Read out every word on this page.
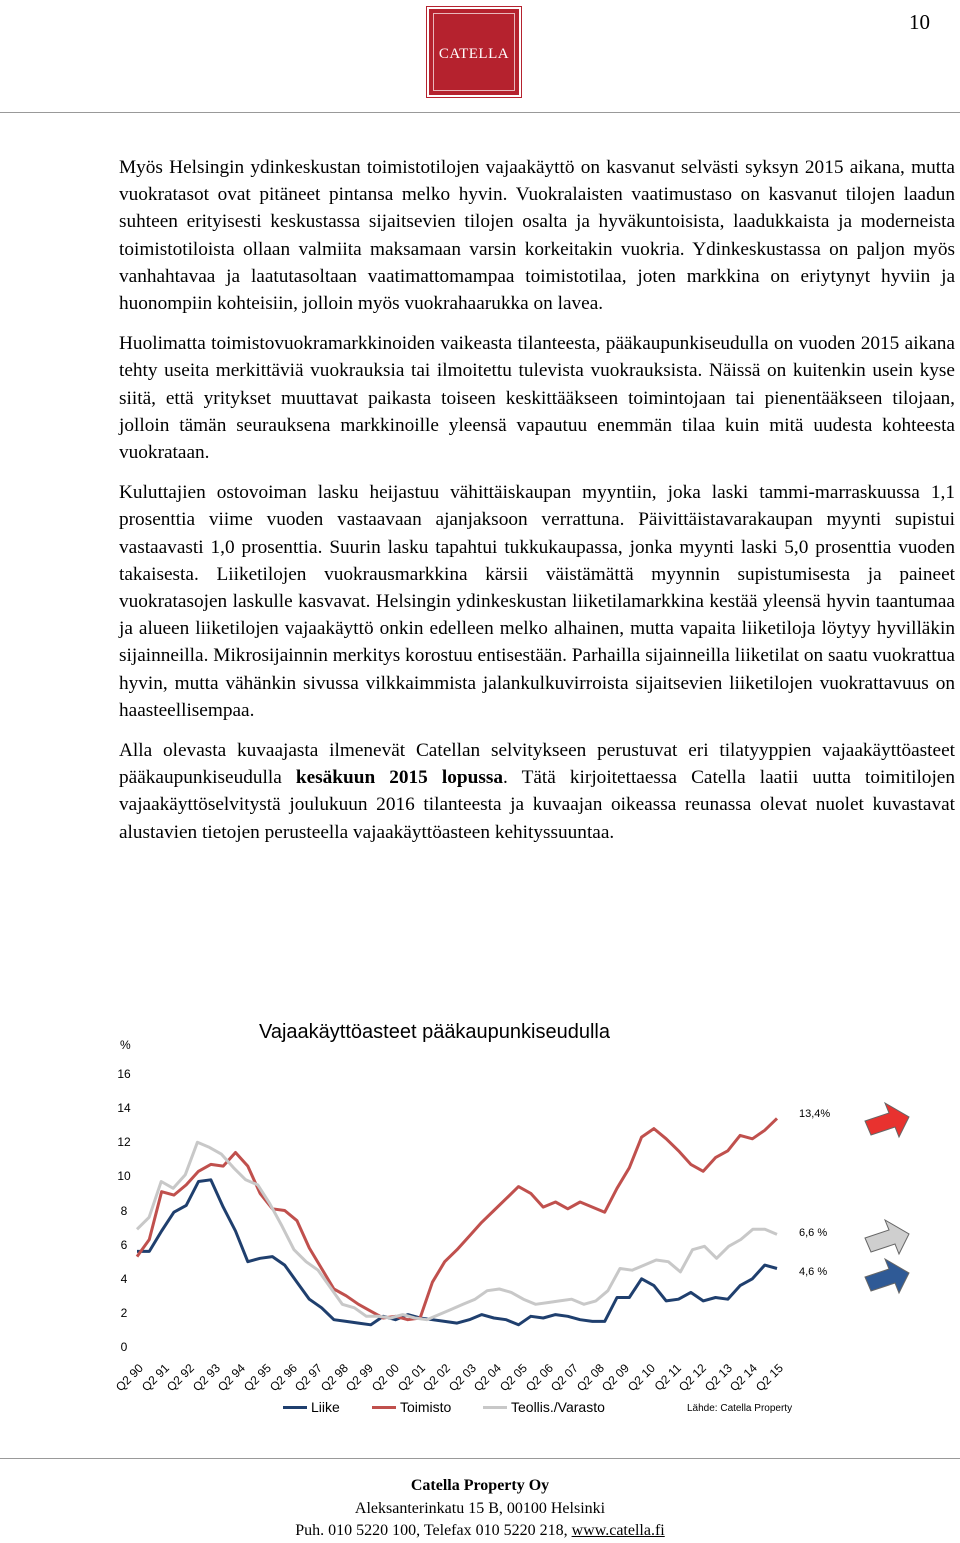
10
CATELLA

Myös Helsingin ydinkeskustan toimistotilojen vajaakäyttö on kasvanut selvästi syksyn 2015 aikana, mutta vuokratasot ovat pitäneet pintansa melko hyvin. Vuokralaisten vaatimustaso on kasvanut tilojen laadun suhteen erityisesti keskustassa sijaitsevien tilojen osalta ja hyväkuntoisista, laadukkaista ja moderneista toimistotiloista ollaan valmiita maksamaan varsin korkeitakin vuokria. Ydinkeskustassa on paljon myös vanhahtavaa ja laatutasoltaan vaatimattomampaa toimistotilaa, joten markkina on eriytynyt hyviin ja huonompiin kohteisiin, jolloin myös vuokrahaarukka on lavea.

Huolimatta toimistovuokramarkkinoiden vaikeasta tilanteesta, pääkaupunkiseudulla on vuoden 2015 aikana tehty useita merkittäviä vuokrauksia tai ilmoitettu tulevista vuokrauksista. Näissä on kuitenkin usein kyse siitä, että yritykset muuttavat paikasta toiseen keskittääkseen toimintojaan tai pienentääkseen tilojaan, jolloin tämän seurauksena markkinoille yleensä vapautuu enemmän tilaa kuin mitä uudesta kohteesta vuokrataan.

Kuluttajien ostovoiman lasku heijastuu vähittäiskaupan myyntiin, joka laski tammi-marraskuussa 1,1 prosenttia viime vuoden vastaavaan ajanjaksoon verrattuna. Päivittäistavarakaupan myynti supistui vastaavasti 1,0 prosenttia. Suurin lasku tapahtui tukkukaupassa, jonka myynti laski 5,0 prosenttia vuoden takaisesta. Liiketilojen vuokrausmarkkina kärsii väistämättä myynnin supistumisesta ja paineet vuokratasojen laskulle kasvavat. Helsingin ydinkeskustan liiketilamarkkina kestää yleensä hyvin taantumaa ja alueen liiketilojen vajaakäyttö onkin edelleen melko alhainen, mutta vapaita liiketiloja löytyy hyvilläkin sijainneilla. Mikrosijainnin merkitys korostuu entisestään. Parhailla sijainneilla liiketilat on saatu vuokrattua hyvin, mutta vähänkin sivussa vilkkaimmista jalankulkuvirroista sijaitsevien liiketilojen vuokrattavuus on haasteellisempaa.

Alla olevasta kuvaajasta ilmenevät Catellan selvitykseen perustuvat eri tilatyyppien vajaakäyttöasteet pääkaupunkiseudulla kesäkuun 2015 lopussa. Tätä kirjoitettaessa Catella laatii uutta toimitilojen vajaakäyttöselvitystä joulukuun 2016 tilanteesta ja kuvaajan oikeassa reunassa olevat nuolet kuvastavat alustavien tietojen perusteella vajaakäyttöasteen kehityssuuntaa.

Vajaakäyttöasteet pääkaupunkiseudulla
%
0
2
4
6
8
10
12
14
16
Q2 90
Q2 91
Q2 92
Q2 93
Q2 94
Q2 95
Q2 96
Q2 97
Q2 98
Q2 99
Q2 00
Q2 01
Q2 02
Q2 03
Q2 04
Q2 05
Q2 06
Q2 07
Q2 08
Q2 09
Q2 10
Q2 11
Q2 12
Q2 13
Q2 14
Q2 15
13,4%
6,6 %
4,6 %
Liike	Toimisto	Teollis./Varasto	Lähde: Catella Property
Catella Property Oy
Aleksanterinkatu 15 B, 00100 Helsinki
Puh. 010 5220 100, Telefax 010 5220 218, www.catella.fi
